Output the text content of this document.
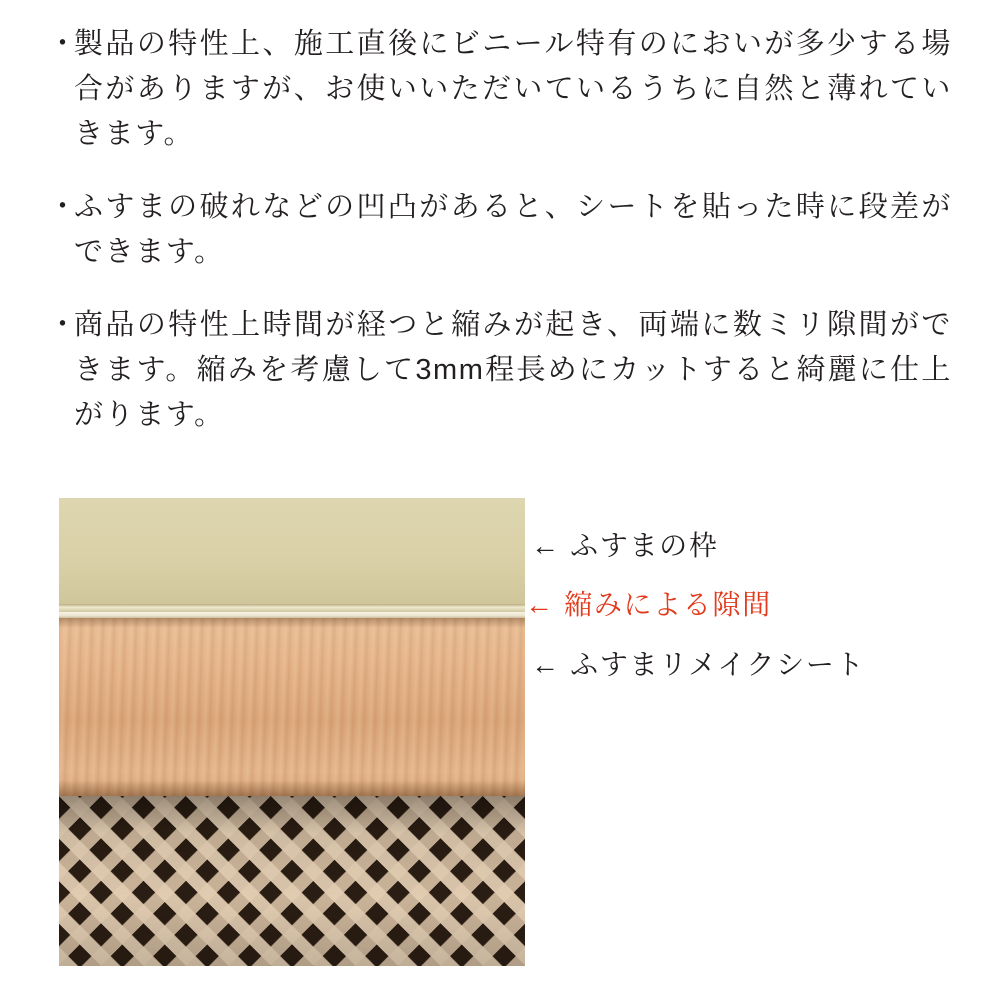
・
製品の特性上、施工直後にビニール特有のにおいが多少する場合がありますが、お使いいただいているうちに自然と薄れていきます。
・
ふすまの破れなどの凹凸があると、シートを貼った時に段差ができます。
・
商品の特性上時間が経つと縮みが起き、両端に数ミリ隙間ができます。縮みを考慮して3mm程長めにカットすると綺麗に仕上がります。
← ふすまの枠
← 縮みによる隙間
← ふすまリメイクシート
